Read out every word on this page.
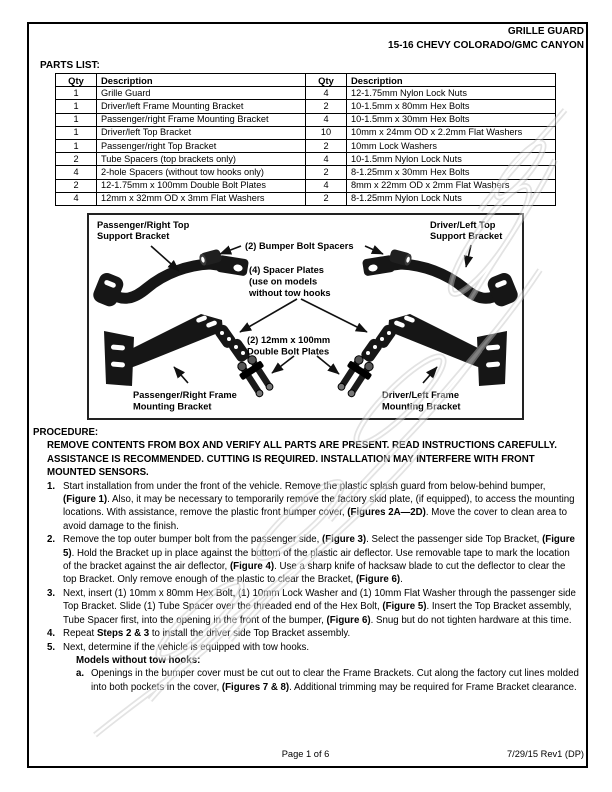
GRILLE GUARD
15-16 CHEVY COLORADO/GMC CANYON
PARTS LIST:
Qty	Description	Qty	Description
1	Grille Guard	4	12-1.75mm Nylon Lock Nuts
1	Driver/left Frame Mounting Bracket	2	10-1.5mm x 80mm Hex Bolts
1	Passenger/right Frame Mounting Bracket	4	10-1.5mm x 30mm Hex Bolts
1	Driver/left Top Bracket	10	10mm x 24mm OD x 2.2mm Flat Washers
1	Passenger/right Top Bracket	2	10mm Lock Washers
2	Tube Spacers (top brackets only)	4	10-1.5mm Nylon Lock Nuts
4	2-hole Spacers (without tow hooks only)	2	8-1.25mm x 30mm Hex Bolts
2	12-1.75mm x 100mm Double Bolt Plates	4	8mm x 22mm OD x 2mm Flat Washers
4	12mm x 32mm OD x 3mm Flat Washers	2	8-1.25mm Nylon Lock Nuts
Passenger/Right Top
Support Bracket
Driver/Left Top
Support Bracket
(2) Bumper Bolt Spacers
(4) Spacer Plates
(use on models
without tow hooks
(2) 12mm x 100mm
Double Bolt Plates
Passenger/Right Frame
Mounting Bracket
Driver/Left Frame
Mounting Bracket
PROCEDURE:
REMOVE CONTENTS FROM BOX AND VERIFY ALL PARTS ARE PRESENT. READ INSTRUCTIONS CAREFULLY. ASSISTANCE IS RECOMMENDED. CUTTING IS REQUIRED. INSTALLATION MAY INTERFERE WITH FRONT MOUNTED SENSORS.
1. Start installation from under the front of the vehicle. Remove the plastic splash guard from below-behind bumper, (Figure 1). Also, it may be necessary to temporarily remove the factory skid plate, (if equipped), to access the mounting locations. With assistance, remove the plastic front bumper cover, (Figures 2A—2D). Move the cover to clean area to avoid damage to the finish.
2. Remove the top outer bumper bolt from the passenger side, (Figure 3). Select the passenger side Top Bracket, (Figure 5). Hold the Bracket up in place against the bottom of the plastic air deflector. Use removable tape to mark the location of the bracket against the air deflector, (Figure 4). Use a sharp knife of hacksaw blade to cut the deflector to clear the top Bracket. Only remove enough of the plastic to clear the Bracket, (Figure 6).
3. Next, insert (1) 10mm x 80mm Hex Bolt, (1) 10mm Lock Washer and (1) 10mm Flat Washer through the passenger side Top Bracket. Slide (1) Tube Spacer over the threaded end of the Hex Bolt, (Figure 5). Insert the Top Bracket assembly, Tube Spacer first, into the opening in the front of the bumper, (Figure 6). Snug but do not tighten hardware at this time.
4. Repeat Steps 2 & 3 to install the driver side Top Bracket assembly.
5. Next, determine if the vehicle is equipped with tow hooks.
Models without tow hooks:
a. Openings in the bumper cover must be cut out to clear the Frame Brackets. Cut along the factory cut lines molded into both pockets in the cover, (Figures 7 & 8). Additional trimming may be required for Frame Bracket clearance.
Page 1 of 6	7/29/15 Rev1 (DP)
